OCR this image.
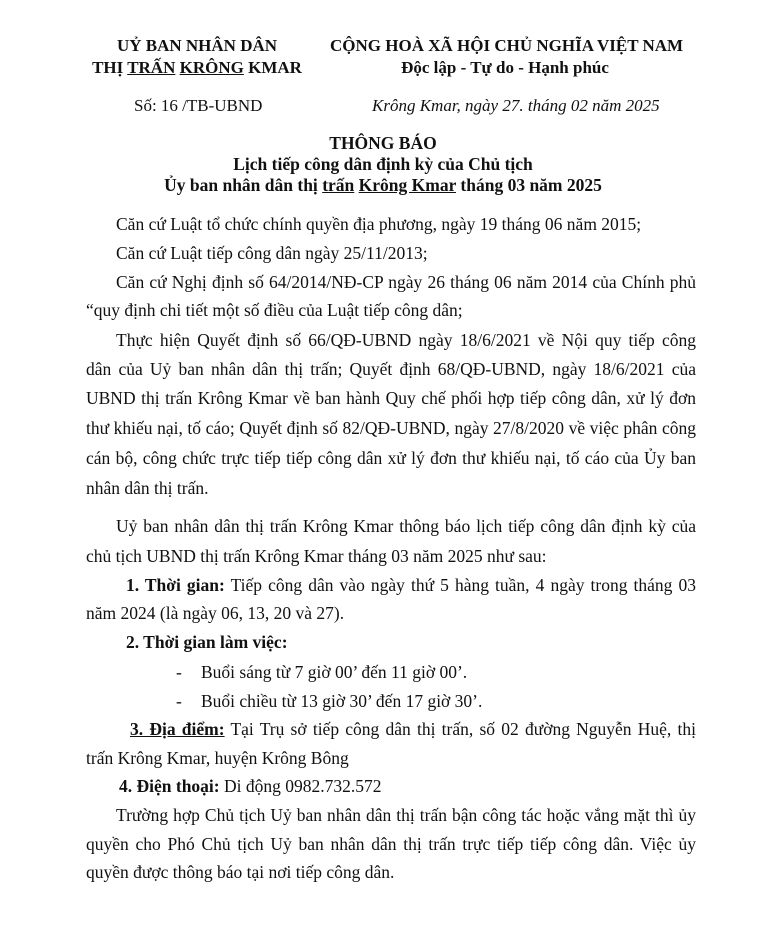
UỶ BAN NHÂN DÂN
THỊ TRẤN KRÔNG KMAR
Số: 16 /TB-UBND
CỘNG HOÀ XÃ HỘI CHỦ NGHĨA VIỆT NAM
Độc lập - Tự do - Hạnh phúc
Krông Kmar, ngày 27. tháng 02 năm 2025
THÔNG BÁO
Lịch tiếp công dân định kỳ của Chủ tịch
Ủy ban nhân dân thị trấn Krông Kmar tháng 03 năm 2025
Căn cứ Luật tổ chức chính quyền địa phương, ngày 19 tháng 06 năm 2015;
Căn cứ Luật tiếp công dân ngày 25/11/2013;
Căn cứ Nghị định số 64/2014/NĐ-CP ngày 26 tháng 06 năm 2014 của Chính phủ
“quy định chi tiết một số điều của Luật tiếp công dân;
Thực hiện Quyết định số 66/QĐ-UBND ngày 18/6/2021 về Nội quy tiếp công
dân của Uỷ ban nhân dân thị trấn; Quyết định 68/QĐ-UBND, ngày 18/6/2021 của
UBND thị trấn Krông Kmar về ban hành Quy chế phối hợp tiếp công dân, xử lý đơn
thư khiếu nại, tố cáo; Quyết định số 82/QĐ-UBND, ngày 27/8/2020 về việc phân công
cán bộ, công chức trực tiếp tiếp công dân xử lý đơn thư khiếu nại, tố cáo của Ủy ban
nhân dân thị trấn.
Uỷ ban nhân dân thị trấn Krông Kmar thông báo lịch tiếp công dân định kỳ của
chủ tịch UBND thị trấn Krông Kmar tháng 03 năm 2025 như sau:
1. Thời gian: Tiếp công dân vào ngày thứ 5 hàng tuần, 4 ngày trong tháng 03
năm 2024 (là ngày 06, 13, 20 và 27).
2. Thời gian làm việc:
- Buổi sáng từ 7 giờ 00’ đến 11 giờ 00’.
- Buổi chiều từ 13 giờ 30’ đến 17 giờ 30’.
3. Địa điểm: Tại Trụ sở tiếp công dân thị trấn, số 02 đường Nguyễn Huệ, thị
trấn Krông Kmar, huyện Krông Bông
4. Điện thoại: Di động 0982.732.572
Trường hợp Chủ tịch Uỷ ban nhân dân thị trấn bận công tác hoặc vắng mặt thì ủy
quyền cho Phó Chủ tịch Uỷ ban nhân dân thị trấn trực tiếp tiếp công dân. Việc ủy
quyền được thông báo tại nơi tiếp công dân.
